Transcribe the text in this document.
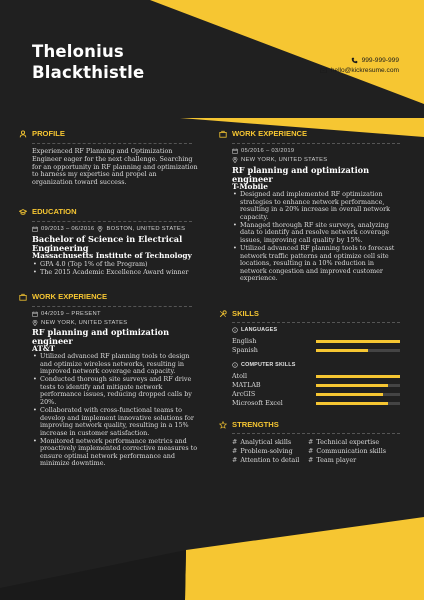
Thelonius
Blackthistle
999-999-999
hello@kickresume.com
PROFILE
Experienced RF Planning and Optimization Engineer eager for the next challenge. Searching for an opportunity in RF planning and optimization to harness my expertise and propel an organization toward success.
EDUCATION
09/2013 – 06/2016 BOSTON, UNITED STATES
Bachelor of Science in Electrical Engineering
Massachusetts Institute of Technology
• GPA 4.0 (Top 1% of the Program)
• The 2015 Academic Excellence Award winner
WORK EXPERIENCE
04/2019 – PRESENT
NEW YORK, UNITED STATES
RF planning and optimization engineer
AT&T
• Utilized advanced RF planning tools to design and optimize wireless networks, resulting in improved network coverage and capacity.
• Conducted thorough site surveys and RF drive tests to identify and mitigate network performance issues, reducing dropped calls by 20%.
• Collaborated with cross-functional teams to develop and implement innovative solutions for improving network quality, resulting in a 15% increase in customer satisfaction.
• Monitored network performance metrics and proactively implemented corrective measures to ensure optimal network performance and minimize downtime.
WORK EXPERIENCE
05/2016 – 03/2019
NEW YORK, UNITED STATES
RF planning and optimization engineer
T-Mobile
• Designed and implemented RF optimization strategies to enhance network performance, resulting in a 20% increase in overall network capacity.
• Managed thorough RF site surveys, analyzing data to identify and resolve network coverage issues, improving call quality by 15%.
• Utilized advanced RF planning tools to forecast network traffic patterns and optimize cell site locations, resulting in a 10% reduction in network congestion and improved customer experience.
SKILLS
LANGUAGES
English
Spanish
COMPUTER SKILLS
Atoll
MATLAB
ArcGIS
Microsoft Excel
STRENGTHS
# Analytical skills	# Technical expertise
# Problem-solving	# Communication skills
# Attention to detail	# Team player
